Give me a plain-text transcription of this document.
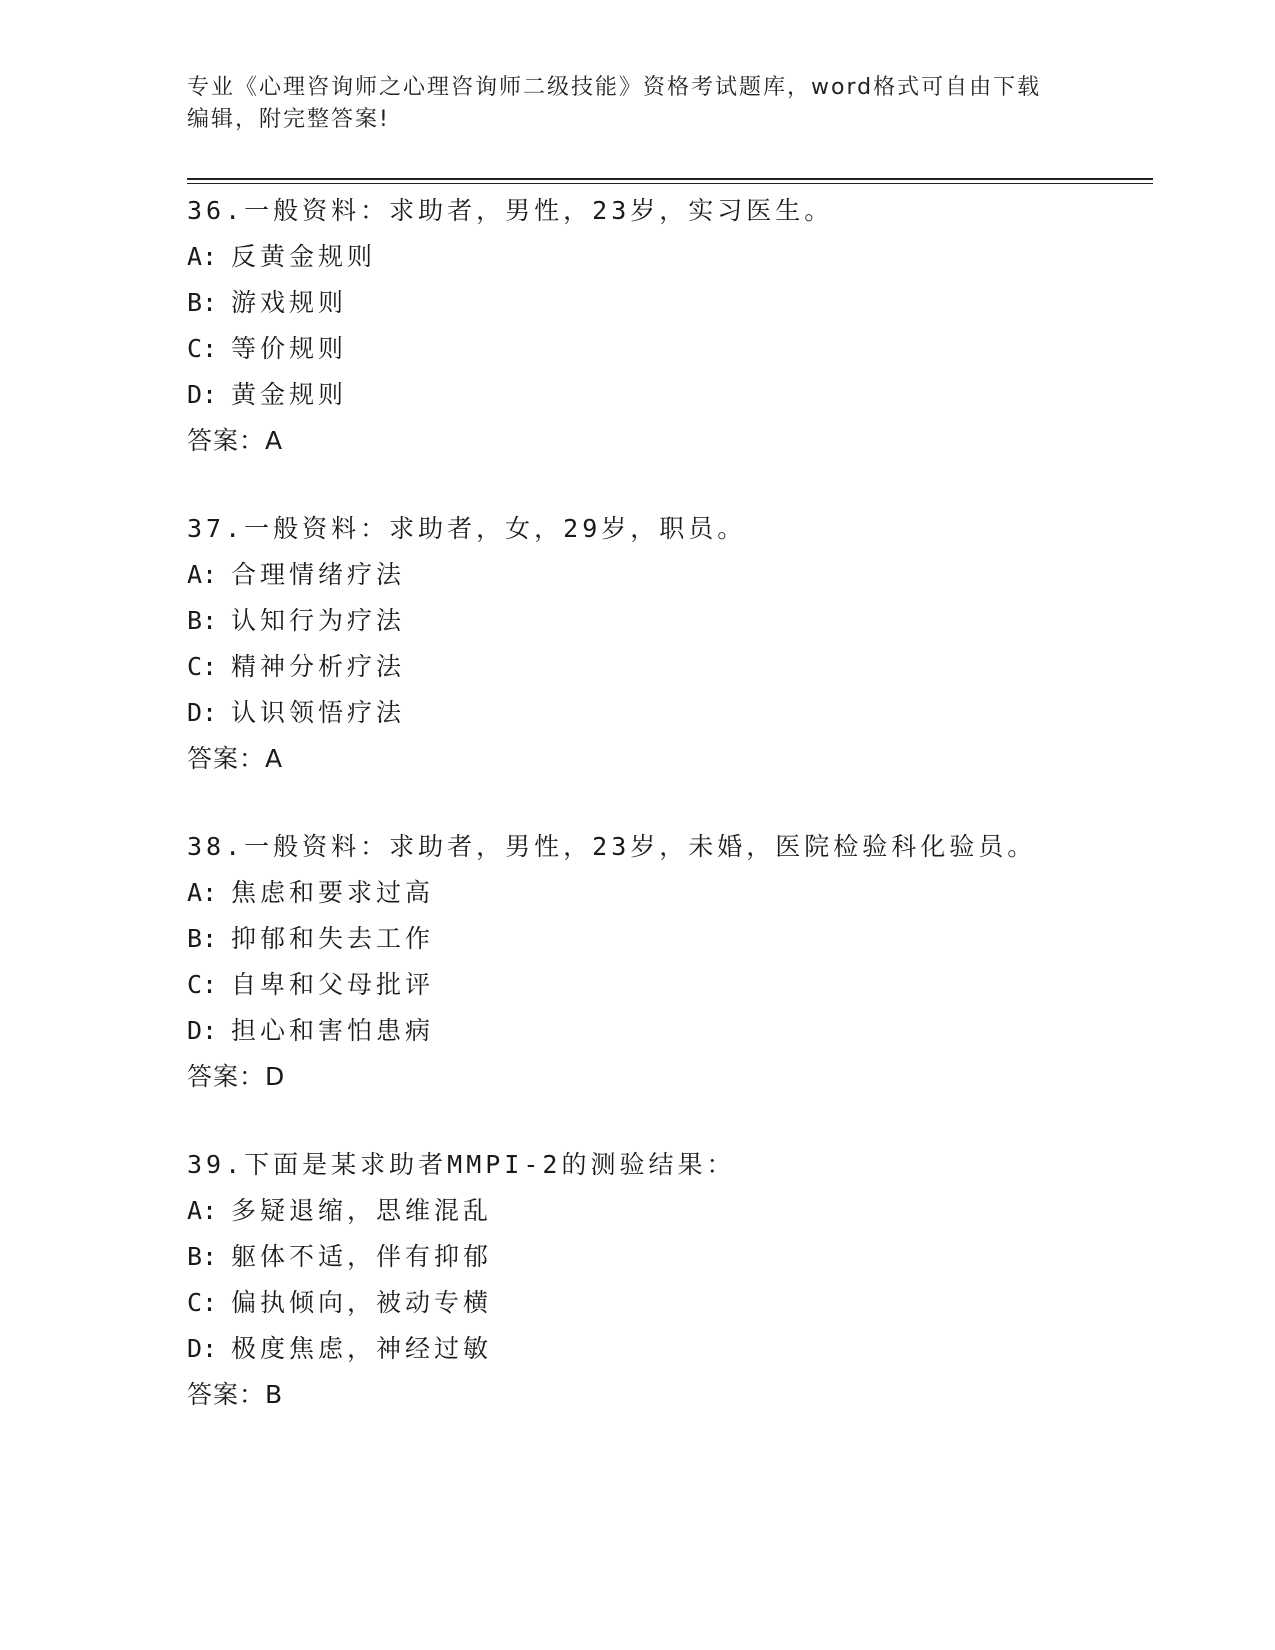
专业《心理咨询师之心理咨询师二级技能》资格考试题库，word格式可自由下载
编辑，附完整答案!
36.一般资料：求助者，男性，23岁，实习医生。
A: 反黄金规则
B: 游戏规则
C: 等价规则
D: 黄金规则
答案：A
37.一般资料：求助者，女，29岁，职员。
A: 合理情绪疗法
B: 认知行为疗法
C: 精神分析疗法
D: 认识领悟疗法
答案：A
38.一般资料：求助者，男性，23岁，未婚，医院检验科化验员。
A: 焦虑和要求过高
B: 抑郁和失去工作
C: 自卑和父母批评
D: 担心和害怕患病
答案：D
39.下面是某求助者MMPI-2的测验结果：
A: 多疑退缩，思维混乱
B: 躯体不适，伴有抑郁
C: 偏执倾向，被动专横
D: 极度焦虑，神经过敏
答案：B
